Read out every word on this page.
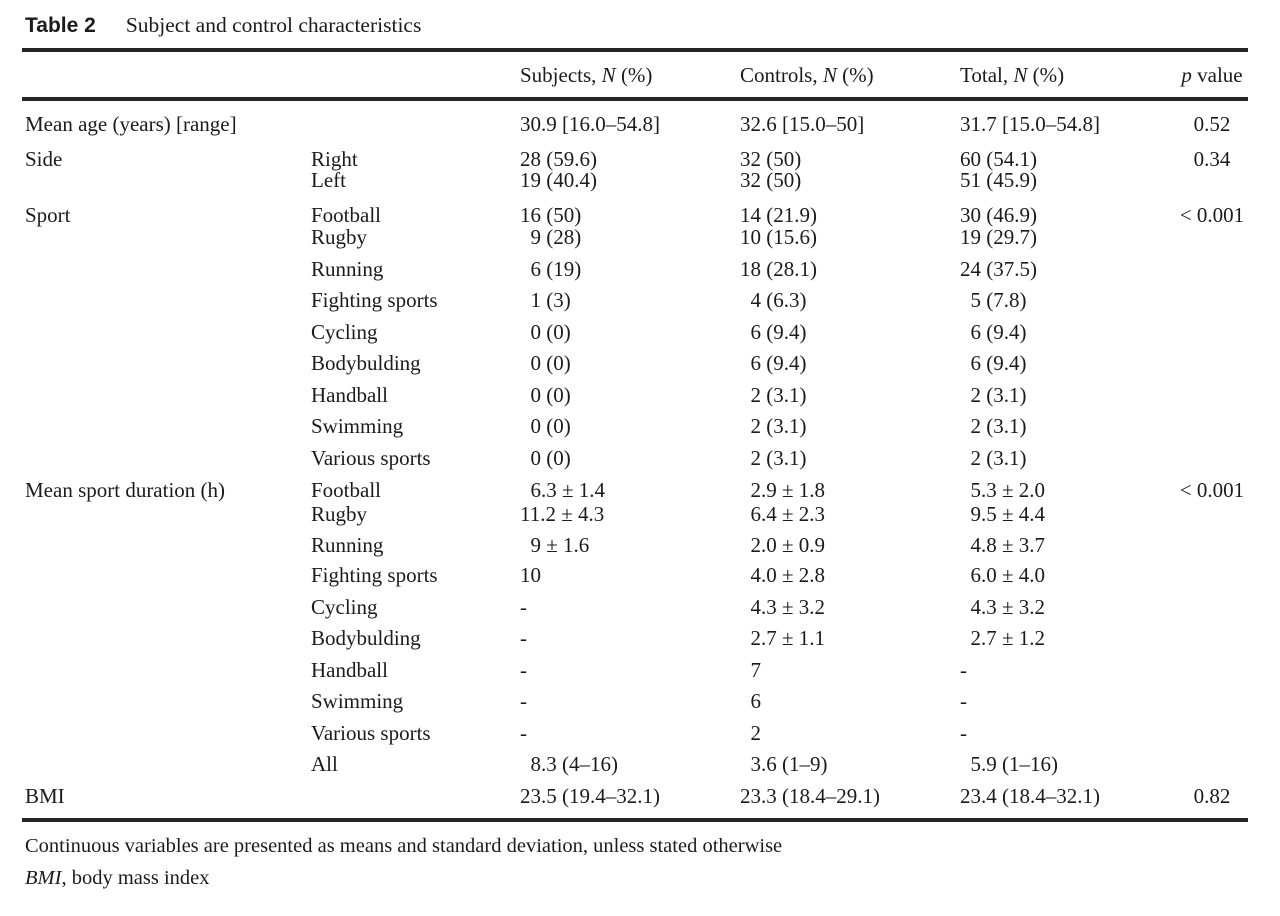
Table 2 Subject and control characteristics
Subjects, N (%)	Controls, N (%)	Total, N (%)	p value
Mean age (years) [range]	30.9 [16.0–54.8]	32.6 [15.0–50]	31.7 [15.0–54.8]	0.52
Side	Right	28 (59.6)	32 (50)	60 (54.1)	0.34
Left	19 (40.4)	32 (50)	51 (45.9)
Sport	Football	16 (50)	14 (21.9)	30 (46.9)	< 0.001
Rugby	 9 (28)	10 (15.6)	19 (29.7)
Running	 6 (19)	18 (28.1)	24 (37.5)
Fighting sports	 1 (3)	 4 (6.3)	 5 (7.8)
Cycling	 0 (0)	 6 (9.4)	 6 (9.4)
Bodybulding	 0 (0)	 6 (9.4)	 6 (9.4)
Handball	 0 (0)	 2 (3.1)	 2 (3.1)
Swimming	 0 (0)	 2 (3.1)	 2 (3.1)
Various sports	 0 (0)	 2 (3.1)	 2 (3.1)
Mean sport duration (h)	Football	 6.3 ± 1.4	 2.9 ± 1.8	 5.3 ± 2.0	< 0.001
Rugby	11.2 ± 4.3	 6.4 ± 2.3	 9.5 ± 4.4
Running	 9 ± 1.6	 2.0 ± 0.9	 4.8 ± 3.7
Fighting sports	10	 4.0 ± 2.8	 6.0 ± 4.0
Cycling	-	 4.3 ± 3.2	 4.3 ± 3.2
Bodybulding	-	 2.7 ± 1.1	 2.7 ± 1.2
Handball	-	 7	-
Swimming	-	 6	-
Various sports	-	 2	-
All	 8.3 (4–16)	 3.6 (1–9)	 5.9 (1–16)
BMI	23.5 (19.4–32.1)	23.3 (18.4–29.1)	23.4 (18.4–32.1)	0.82
Continuous variables are presented as means and standard deviation, unless stated otherwise
BMI, body mass index
